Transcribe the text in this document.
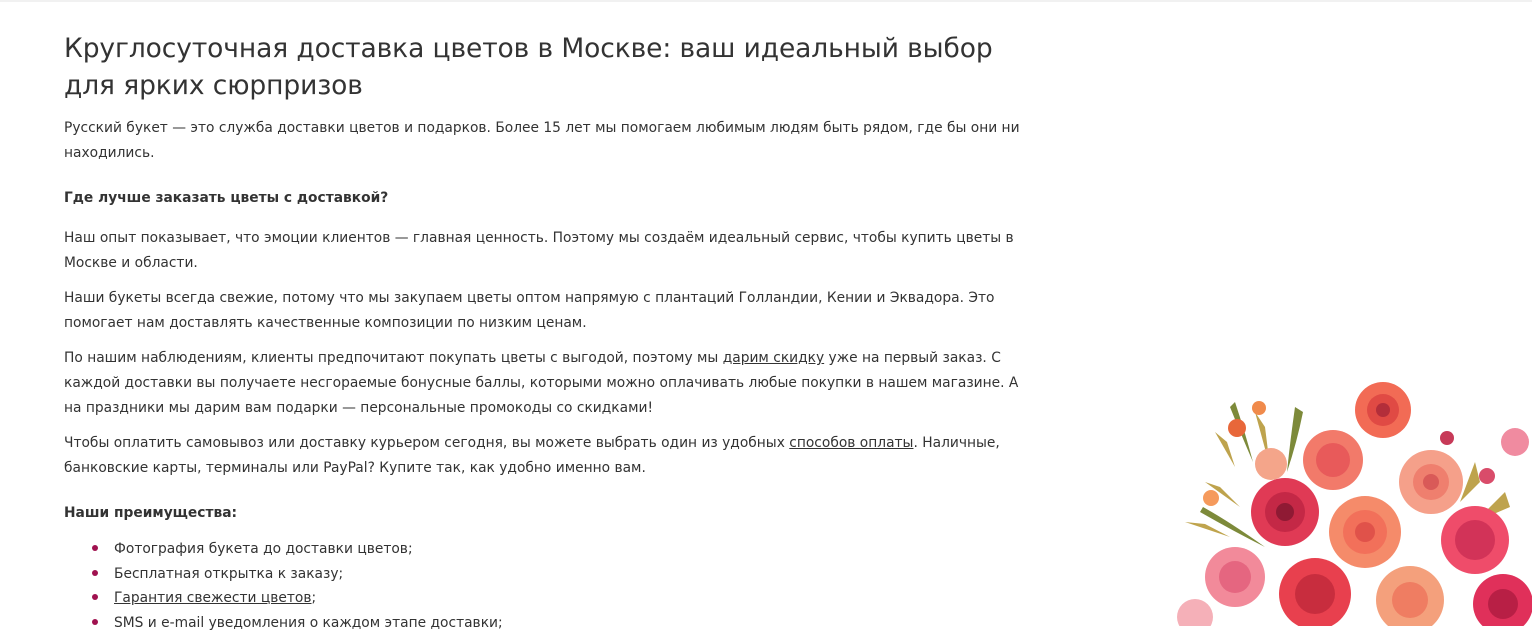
Круглосуточная доставка цветов в Москве: ваш идеальный выбор для ярких сюрпризов

Русский букет — это служба доставки цветов и подарков. Более 15 лет мы помогаем любимым людям быть рядом, где бы они ни находились.

Где лучше заказать цветы с доставкой?

Наш опыт показывает, что эмоции клиентов — главная ценность. Поэтому мы создаём идеальный сервис, чтобы купить цветы в Москве и области.

Наши букеты всегда свежие, потому что мы закупаем цветы оптом напрямую с плантаций Голландии, Кении и Эквадора. Это помогает нам доставлять качественные композиции по низким ценам.

По нашим наблюдениям, клиенты предпочитают покупать цветы с выгодой, поэтому мы дарим скидку уже на первый заказ. С каждой доставки вы получаете несгораемые бонусные баллы, которыми можно оплачивать любые покупки в нашем магазине. А на праздники мы дарим вам подарки — персональные промокоды со скидками!

Чтобы оплатить самовывоз или доставку курьером сегодня, вы можете выбрать один из удобных способов оплаты. Наличные, банковские карты, терминалы или PayPal? Купите так, как удобно именно вам.

Наши преимущества:

Фотография букета до доставки цветов;
Бесплатная открытка к заказу;
Гарантия свежести цветов;
SMS и e-mail уведомления о каждом этапе доставки;
